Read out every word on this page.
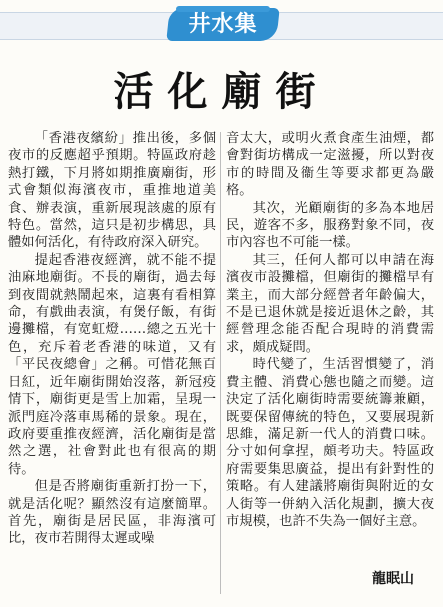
井水集
活化廟街

「香港夜繽紛」推出後，多個夜市的反應超乎預期。特區政府趁熱打鐵，下月將如期推廣廟街，形式會類似海濱夜市，重推地道美食、辦表演，重新展現該處的原有特色。當然，這只是初步構思，具體如何活化，有待政府深入研究。

提起香港夜經濟，就不能不提油麻地廟街。不長的廟街，過去每到夜間就熱鬧起來，這裏有看相算命，有戲曲表演，有煲仔飯，有街邊攤檔，有宽虹燈……總之五光十色，充斥着老香港的味道，又有「平民夜總會」之稱。可惜花無百日紅，近年廟街開始沒落，新冠疫情下，廟街更是雪上加霜，呈現一派門庭冷落車馬稀的景象。現在，政府要重推夜經濟，活化廟街是當然之選，社會對此也有很高的期待。

但是否將廟街重新打扮一下，就是活化呢？顯然沒有這麼簡單。首先，廟街是居民區，非海濱可比，夜市若開得太遲或噪

音太大，或明火煮食產生油煙，都會對街坊構成一定滋擾，所以對夜市的時間及衞生等要求都更為嚴格。

其次，光顧廟街的多為本地居民，遊客不多，服務對象不同，夜市內容也不可能一樣。

其三，任何人都可以申請在海濱夜市設攤檔，但廟街的攤檔早有業主，而大部分經營者年齡偏大，不是已退休就是接近退休之齡，其經營理念能否配合現時的消費需求，頗成疑問。

時代變了，生活習慣變了，消費主體、消費心態也隨之而變。這決定了活化廟街時需要統籌兼顧，既要保留傳統的特色，又要展現新思維，滿足新一代人的消費口味。分寸如何拿捏，頗考功夫。特區政府需要集思廣益，提出有針對性的策略。有人建議將廟街與附近的女人街等一併納入活化規劃，擴大夜市規模，也許不失為一個好主意。

龍眠山
